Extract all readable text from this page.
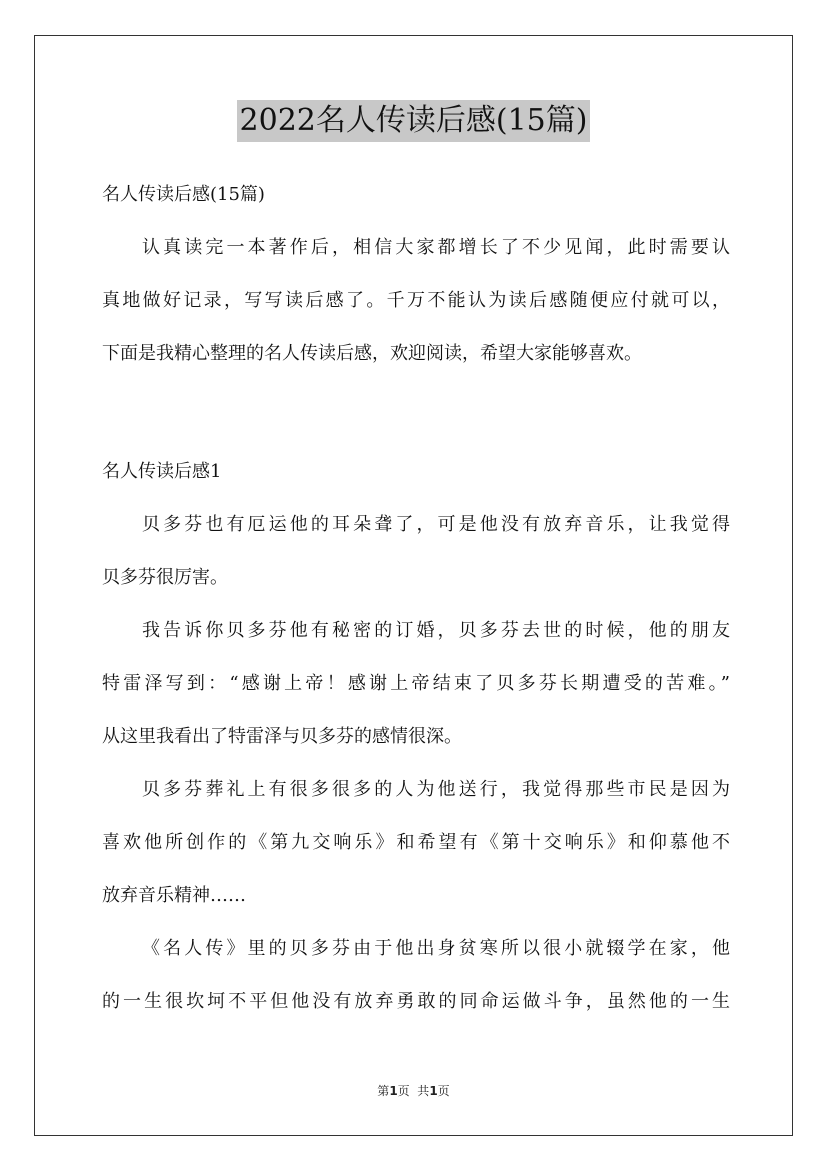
2022名人传读后感(15篇)
名人传读后感(15篇)
认真读完一本著作后，相信大家都增长了不少见闻，此时需要认
真地做好记录，写写读后感了。千万不能认为读后感随便应付就可以，
下面是我精心整理的名人传读后感，欢迎阅读，希望大家能够喜欢。
名人传读后感1
贝多芬也有厄运他的耳朵聋了，可是他没有放弃音乐，让我觉得
贝多芬很厉害。
我告诉你贝多芬他有秘密的订婚，贝多芬去世的时候，他的朋友
特雷泽写到：“感谢上帝！感谢上帝结束了贝多芬长期遭受的苦难。”
从这里我看出了特雷泽与贝多芬的感情很深。
贝多芬葬礼上有很多很多的人为他送行，我觉得那些市民是因为
喜欢他所创作的《第九交响乐》和希望有《第十交响乐》和仰慕他不
放弃音乐精神……
《名人传》里的贝多芬由于他出身贫寒所以很小就辍学在家，他
的一生很坎坷不平但他没有放弃勇敢的同命运做斗争，虽然他的一生
第1页  共1页
